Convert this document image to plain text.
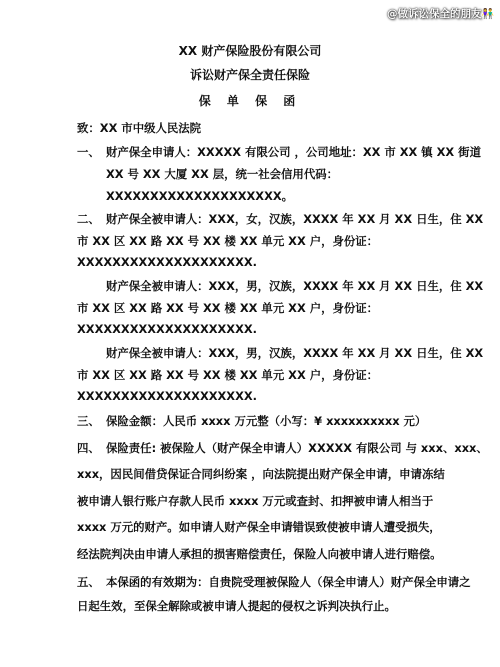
@做诉讼保全的朋友👫
XX 财产保险股份有限公司
诉讼财产保全责任保险
保 单 保 函
致：XX 市中级人民法院
一、 财产保全申请人：XXXXX 有限公司 ，公司地址：XX 市 XX 镇 XX 街道
XX 号 XX 大厦 XX 层，统一社会信用代码：
XXXXXXXXXXXXXXXXXXXX。
二、 财产保全被申请人：XXX，女，汉族，XXXX 年 XX 月 XX 日生，住 XX
市 XX 区 XX 路 XX 号 XX 楼 XX 单元 XX 户，身份证：
XXXXXXXXXXXXXXXXXXXX.
财产保全被申请人：XXX，男，汉族，XXXX 年 XX 月 XX 日生，住 XX
市 XX 区 XX 路 XX 号 XX 楼 XX 单元 XX 户，身份证：
XXXXXXXXXXXXXXXXXXXX.
财产保全被申请人：XXX，男，汉族，XXXX 年 XX 月 XX 日生，住 XX
市 XX 区 XX 路 XX 号 XX 楼 XX 单元 XX 户，身份证：
XXXXXXXXXXXXXXXXXXXX.
三、 保险金额：人民币 xxxx 万元整（小写：¥ xxxxxxxxxx 元）
四、 保险责任: 被保险人（财产保全申请人）XXXXX 有限公司 与 xxx、xxx、
xxx，因民间借贷保证合同纠纷案 ，向法院提出财产保全申请，申请冻结
被申请人银行账户存款人民币 xxxx 万元或查封、扣押被申请人相当于
xxxx 万元的财产。如申请人财产保全申请错误致使被申请人遭受损失，
经法院判决由申请人承担的损害赔偿责任，保险人向被申请人进行赔偿。
五、 本保函的有效期为：自贵院受理被保险人（保全申请人）财产保全申请之
日起生效，至保全解除或被申请人提起的侵权之诉判决执行止。
